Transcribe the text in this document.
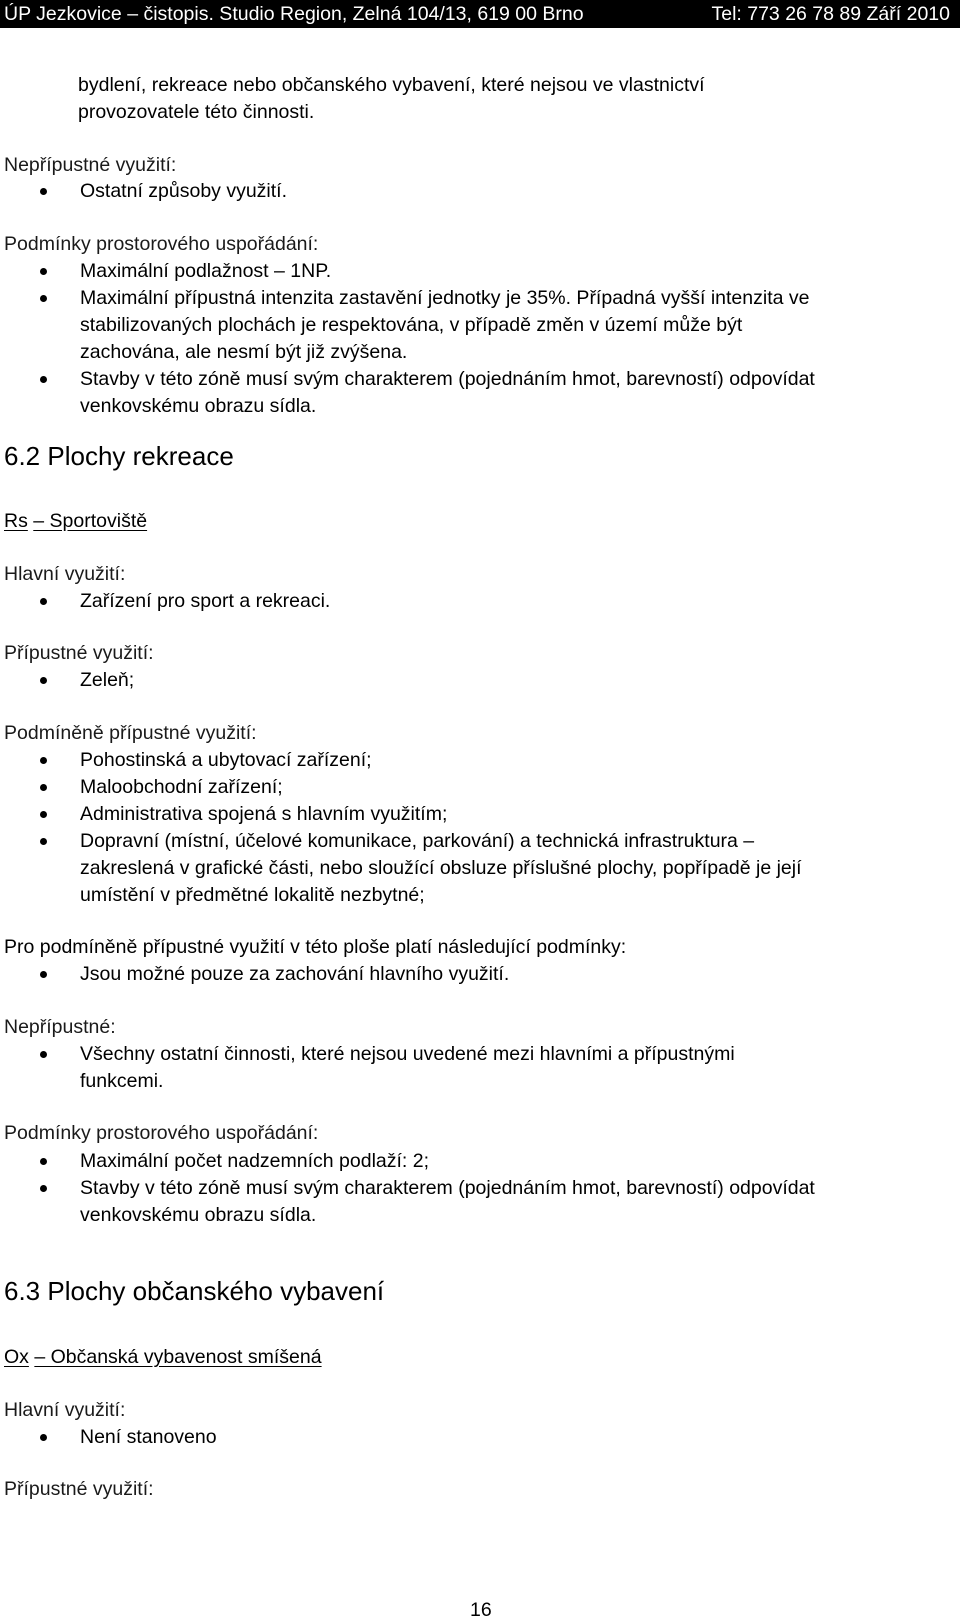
ÚP Jezkovice – čistopis. Studio Region, Zelná 104/13, 619 00 Brno	Tel: 773 26 78 89 Září 2010

bydlení, rekreace nebo občanského vybavení, které nejsou ve vlastnictví

provozovatele této činnosti.

Nepřípustné využití:

Ostatní způsoby využití.

Podmínky prostorového uspořádání:

Maximální podlažnost – 1NP.
Maximální přípustná intenzita zastavění jednotky je 35%. Případná vyšší intenzita ve
stabilizovaných plochách je respektována, v případě změn v území může být
zachována, ale nesmí být již zvýšena.
Stavby v této zóně musí svým charakterem (pojednáním hmot, barevností) odpovídat
venkovskému obrazu sídla.

6.2 Plochy rekreace

Rs – Sportoviště

Hlavní využití:

Zařízení pro sport a rekreaci.

Přípustné využití:

Zeleň;

Podmíněně přípustné využití:

Pohostinská a ubytovací zařízení;
Maloobchodní zařízení;
Administrativa spojená s hlavním využitím;
Dopravní (místní, účelové komunikace, parkování) a technická infrastruktura –
zakreslená v grafické části, nebo sloužící obsluze příslušné plochy, popřípadě je její
umístění v předmětné lokalitě nezbytné;

Pro podmíněně přípustné využití v této ploše platí následující podmínky:

Jsou možné pouze za zachování hlavního využití.

Nepřípustné:

Všechny ostatní činnosti, které nejsou uvedené mezi hlavními a přípustnými
funkcemi.

Podmínky prostorového uspořádání:

Maximální počet nadzemních podlaží: 2;
Stavby v této zóně musí svým charakterem (pojednáním hmot, barevností) odpovídat
venkovskému obrazu sídla.

6.3 Plochy občanského vybavení

Ox – Občanská vybavenost smíšená

Hlavní využití:

Není stanoveno

Přípustné využití:

16
